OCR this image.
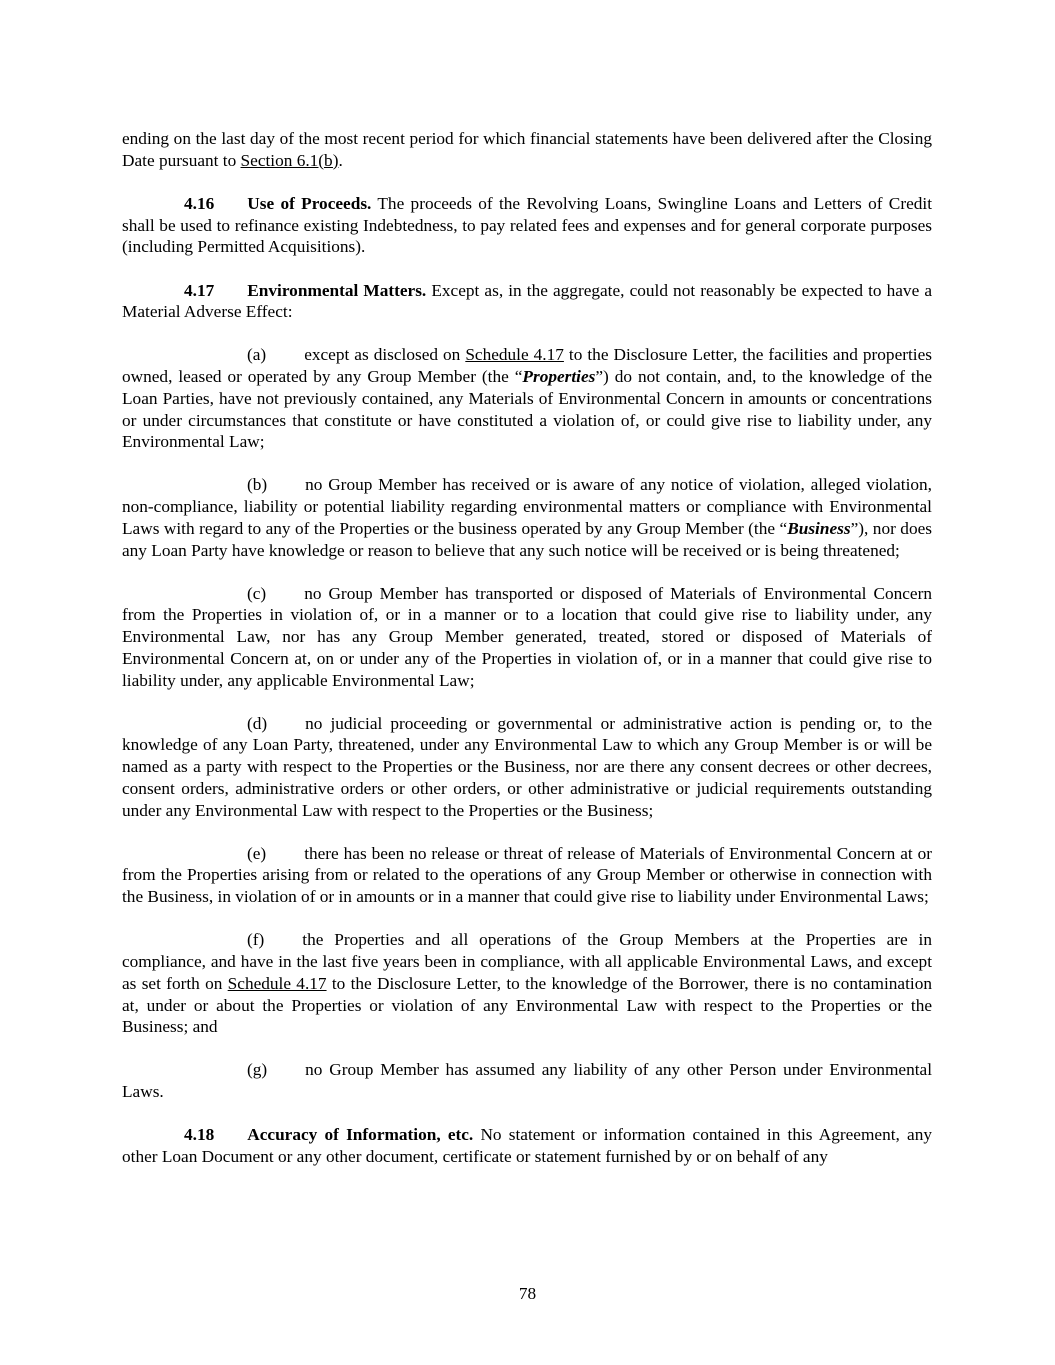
ending on the last day of the most recent period for which financial statements have been delivered after the Closing Date pursuant to Section 6.1(b).

4.16 Use of Proceeds. The proceeds of the Revolving Loans, Swingline Loans and Letters of Credit shall be used to refinance existing Indebtedness, to pay related fees and expenses and for general corporate purposes (including Permitted Acquisitions).

4.17 Environmental Matters. Except as, in the aggregate, could not reasonably be expected to have a Material Adverse Effect:

(a) except as disclosed on Schedule 4.17 to the Disclosure Letter, the facilities and properties owned, leased or operated by any Group Member (the “Properties”) do not contain, and, to the knowledge of the Loan Parties, have not previously contained, any Materials of Environmental Concern in amounts or concentrations or under circumstances that constitute or have constituted a violation of, or could give rise to liability under, any Environmental Law;

(b) no Group Member has received or is aware of any notice of violation, alleged violation, non-compliance, liability or potential liability regarding environmental matters or compliance with Environmental Laws with regard to any of the Properties or the business operated by any Group Member (the “Business”), nor does any Loan Party have knowledge or reason to believe that any such notice will be received or is being threatened;

(c) no Group Member has transported or disposed of Materials of Environmental Concern from the Properties in violation of, or in a manner or to a location that could give rise to liability under, any Environmental Law, nor has any Group Member generated, treated, stored or disposed of Materials of Environmental Concern at, on or under any of the Properties in violation of, or in a manner that could give rise to liability under, any applicable Environmental Law;

(d) no judicial proceeding or governmental or administrative action is pending or, to the knowledge of any Loan Party, threatened, under any Environmental Law to which any Group Member is or will be named as a party with respect to the Properties or the Business, nor are there any consent decrees or other decrees, consent orders, administrative orders or other orders, or other administrative or judicial requirements outstanding under any Environmental Law with respect to the Properties or the Business;

(e) there has been no release or threat of release of Materials of Environmental Concern at or from the Properties arising from or related to the operations of any Group Member or otherwise in connection with the Business, in violation of or in amounts or in a manner that could give rise to liability under Environmental Laws;

(f) the Properties and all operations of the Group Members at the Properties are in compliance, and have in the last five years been in compliance, with all applicable Environmental Laws, and except as set forth on Schedule 4.17 to the Disclosure Letter, to the knowledge of the Borrower, there is no contamination at, under or about the Properties or violation of any Environmental Law with respect to the Properties or the Business; and

(g) no Group Member has assumed any liability of any other Person under Environmental Laws.

4.18 Accuracy of Information, etc. No statement or information contained in this Agreement, any other Loan Document or any other document, certificate or statement furnished by or on behalf of any

78
